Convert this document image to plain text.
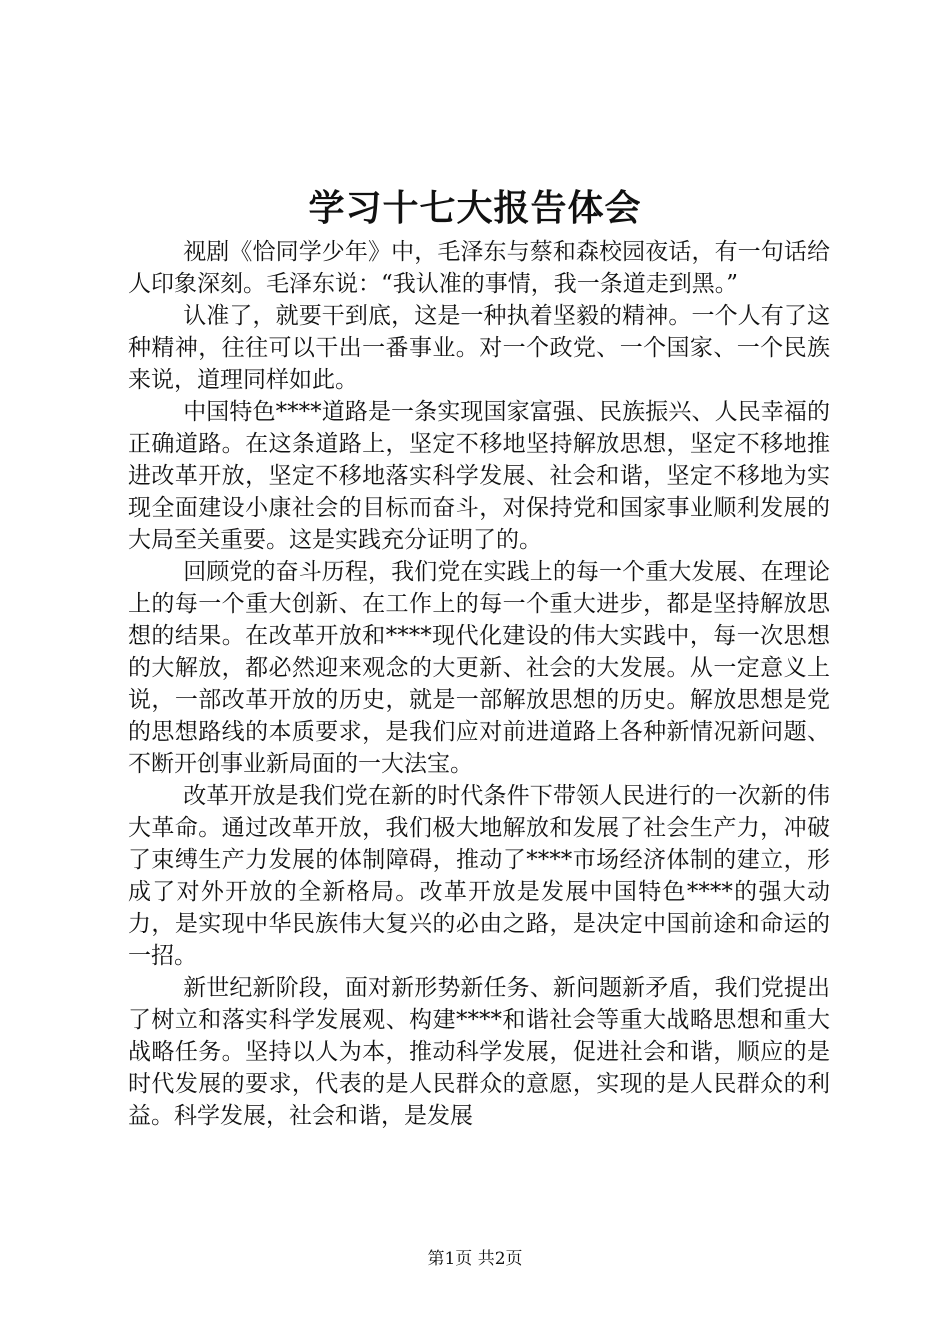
学习十七大报告体会

视剧《恰同学少年》中，毛泽东与蔡和森校园夜话，有一句话给人印象深刻。毛泽东说：“我认准的事情，我一条道走到黑。”

认准了，就要干到底，这是一种执着坚毅的精神。一个人有了这种精神，往往可以干出一番事业。对一个政党、一个国家、一个民族来说，道理同样如此。

中国特色****道路是一条实现国家富强、民族振兴、人民幸福的正确道路。在这条道路上，坚定不移地坚持解放思想，坚定不移地推进改革开放，坚定不移地落实科学发展、社会和谐，坚定不移地为实现全面建设小康社会的目标而奋斗，对保持党和国家事业顺利发展的大局至关重要。这是实践充分证明了的。

回顾党的奋斗历程，我们党在实践上的每一个重大发展、在理论上的每一个重大创新、在工作上的每一个重大进步，都是坚持解放思想的结果。在改革开放和****现代化建设的伟大实践中，每一次思想的大解放，都必然迎来观念的大更新、社会的大发展。从一定意义上说，一部改革开放的历史，就是一部解放思想的历史。解放思想是党的思想路线的本质要求，是我们应对前进道路上各种新情况新问题、不断开创事业新局面的一大法宝。

改革开放是我们党在新的时代条件下带领人民进行的一次新的伟大革命。通过改革开放，我们极大地解放和发展了社会生产力，冲破了束缚生产力发展的体制障碍，推动了****市场经济体制的建立，形成了对外开放的全新格局。改革开放是发展中国特色****的强大动力，是实现中华民族伟大复兴的必由之路，是决定中国前途和命运的一招。

新世纪新阶段，面对新形势新任务、新问题新矛盾，我们党提出了树立和落实科学发展观、构建****和谐社会等重大战略思想和重大战略任务。坚持以人为本，推动科学发展，促进社会和谐，顺应的是时代发展的要求，代表的是人民群众的意愿，实现的是人民群众的利益。科学发展，社会和谐，是发展

第1页 共2页
